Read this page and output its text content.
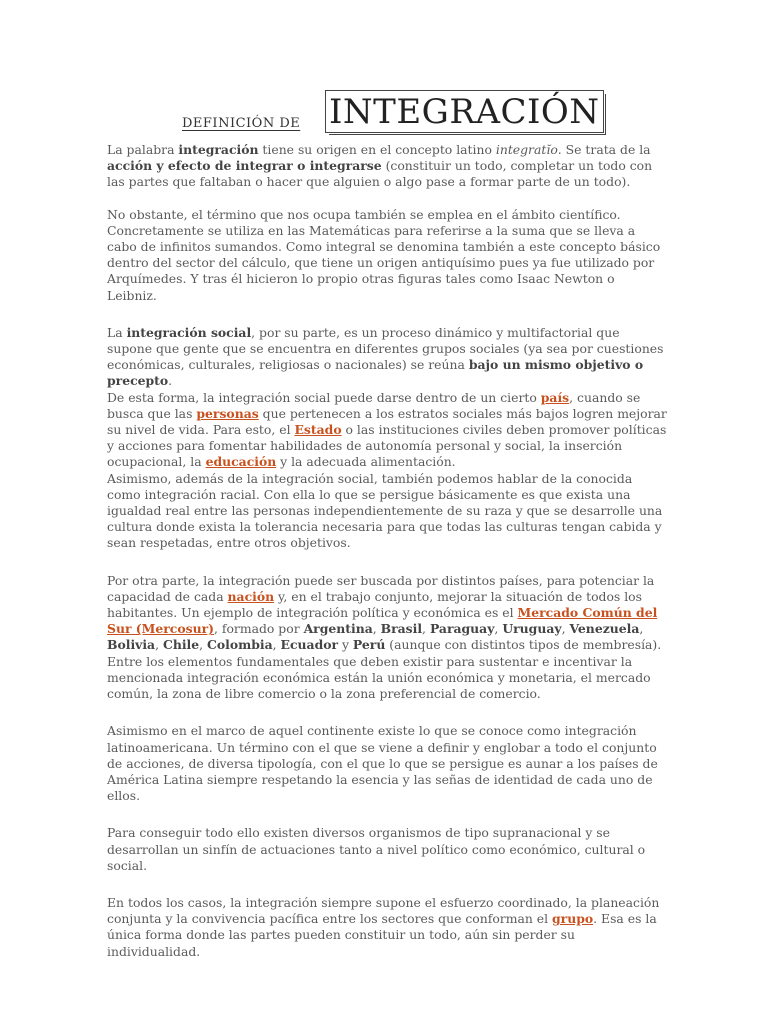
DEFINICIÓN DE INTEGRACIÓN

La palabra integración tiene su origen en el concepto latino integratĭo. Se trata de la acción y efecto de integrar o integrarse (constituir un todo, completar un todo con las partes que faltaban o hacer que alguien o algo pase a formar parte de un todo).

No obstante, el término que nos ocupa también se emplea en el ámbito científico. Concretamente se utiliza en las Matemáticas para referirse a la suma que se lleva a cabo de infinitos sumandos. Como integral se denomina también a este concepto básico dentro del sector del cálculo, que tiene un origen antiquísimo pues ya fue utilizado por Arquímedes. Y tras él hicieron lo propio otras figuras tales como Isaac Newton o Leibniz.

La integración social, por su parte, es un proceso dinámico y multifactorial que supone que gente que se encuentra en diferentes grupos sociales (ya sea por cuestiones económicas, culturales, religiosas o nacionales) se reúna bajo un mismo objetivo o precepto.

De esta forma, la integración social puede darse dentro de un cierto país, cuando se busca que las personas que pertenecen a los estratos sociales más bajos logren mejorar su nivel de vida. Para esto, el Estado o las instituciones civiles deben promover políticas y acciones para fomentar habilidades de autonomía personal y social, la inserción ocupacional, la educación y la adecuada alimentación.

Asimismo, además de la integración social, también podemos hablar de la conocida como integración racial. Con ella lo que se persigue básicamente es que exista una igualdad real entre las personas independientemente de su raza y que se desarrolle una cultura donde exista la tolerancia necesaria para que todas las culturas tengan cabida y sean respetadas, entre otros objetivos.

Por otra parte, la integración puede ser buscada por distintos países, para potenciar la capacidad de cada nación y, en el trabajo conjunto, mejorar la situación de todos los habitantes. Un ejemplo de integración política y económica es el Mercado Común del Sur (Mercosur), formado por Argentina, Brasil, Paraguay, Uruguay, Venezuela, Bolivia, Chile, Colombia, Ecuador y Perú (aunque con distintos tipos de membresía).

Entre los elementos fundamentales que deben existir para sustentar e incentivar la mencionada integración económica están la unión económica y monetaria, el mercado común, la zona de libre comercio o la zona preferencial de comercio.

Asimismo en el marco de aquel continente existe lo que se conoce como integración latinoamericana. Un término con el que se viene a definir y englobar a todo el conjunto de acciones, de diversa tipología, con el que lo que se persigue es aunar a los países de América Latina siempre respetando la esencia y las señas de identidad de cada uno de ellos.

Para conseguir todo ello existen diversos organismos de tipo supranacional y se desarrollan un sinfín de actuaciones tanto a nivel político como económico, cultural o social.

En todos los casos, la integración siempre supone el esfuerzo coordinado, la planeación conjunta y la convivencia pacífica entre los sectores que conforman el grupo. Esa es la única forma donde las partes pueden constituir un todo, aún sin perder su individualidad.
